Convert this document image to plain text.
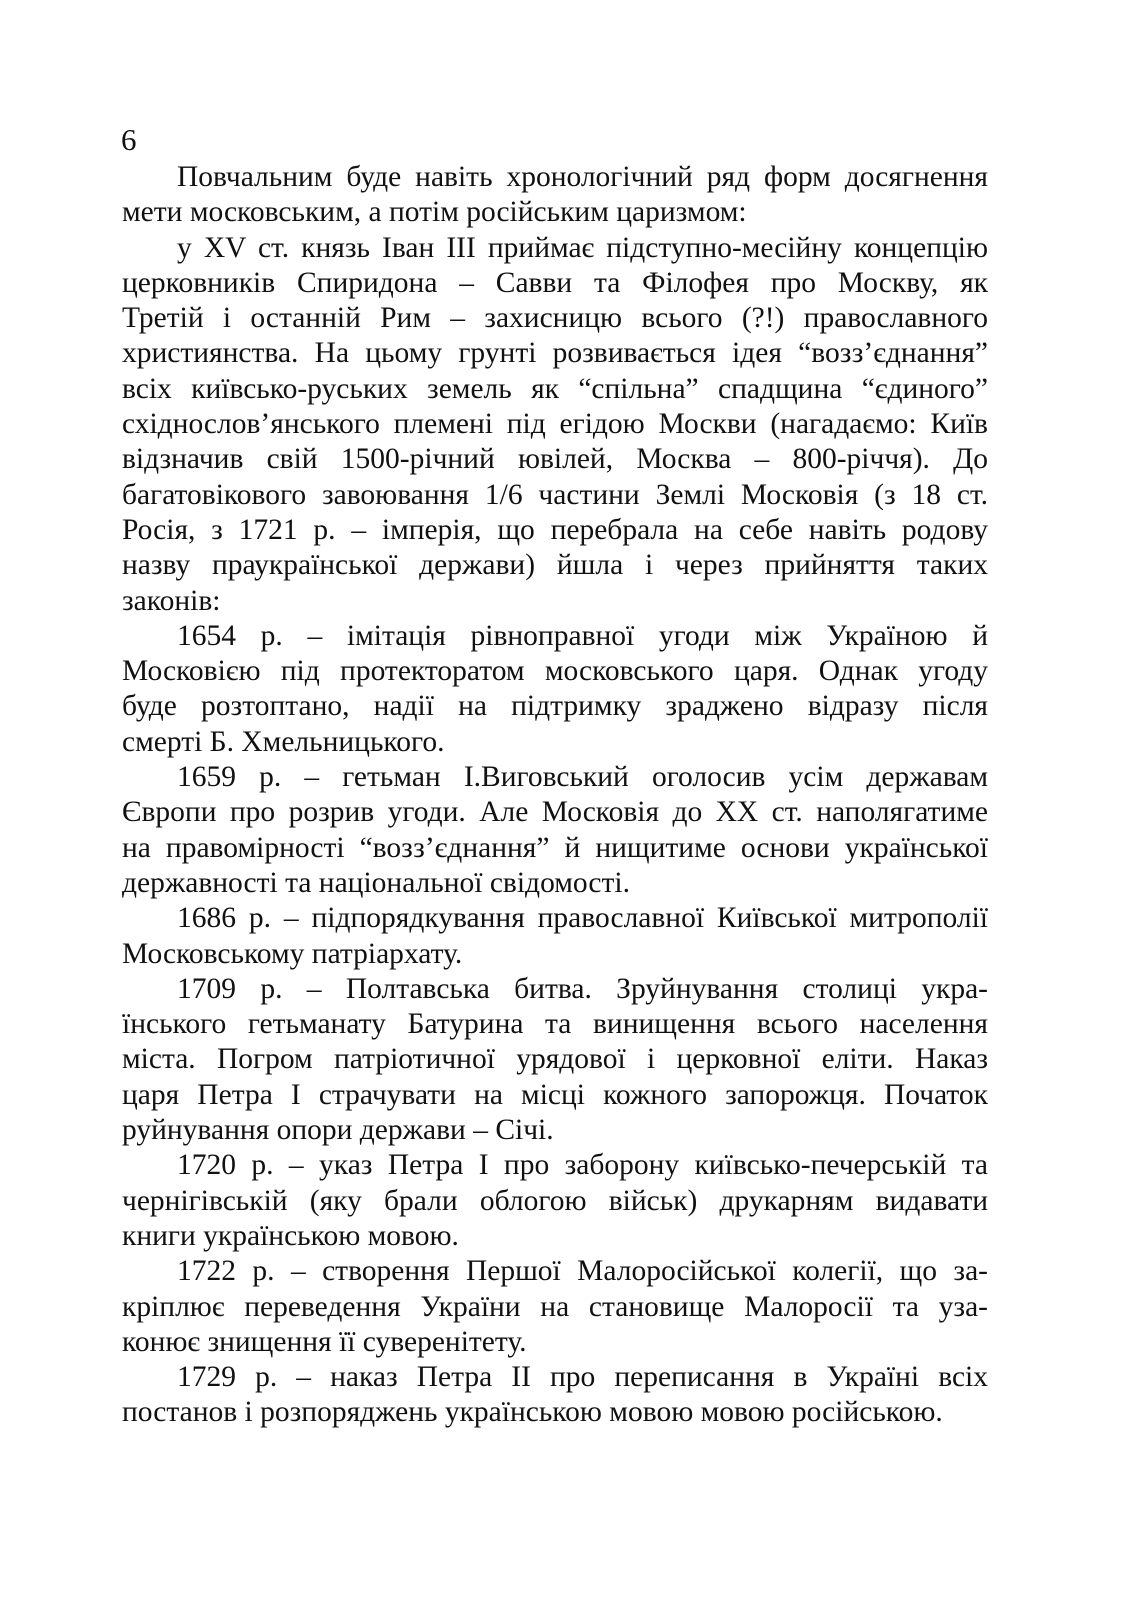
6
Повчальним буде навіть хронологічний ряд форм досягнення
мети московським, а потім російським царизмом:
у XV ст. князь Іван III приймає підступно-месійну концепцію
церковників Спиридона – Савви та Філофея про Москву, як
Третій і останній Рим – захисницю всього (?!) православного
християнства. На цьому грунті розвивається ідея “возз’єднання”
всіх київсько-руських земель як “спільна” спадщина “єдиного”
східнослов’янського племені під егідою Москви (нагадаємо: Київ
відзначив свій 1500-річний ювілей, Москва – 800-річчя). До
багатовікового завоювання 1/6 частини Землі Московія (з 18 ст.
Росія, з 1721 р. – імперія, що перебрала на себе навіть родову
назву праукраїнської держави) йшла і через прийняття таких
законів:
1654 р. – імітація рівноправної угоди між Україною й
Московією під протекторатом московського царя. Однак угоду
буде розтоптано, надії на підтримку зраджено відразу після
смерті Б. Хмельницького.
1659 р. – гетьман І.Виговський оголосив усім державам
Європи про розрив угоди. Але Московія до XX ст. наполягатиме
на правомірності “возз’єднання” й нищитиме основи української
державності та національної свідомості.
1686 р. – підпорядкування православної Київської митрополії
Московському патріархату.
1709 р. – Полтавська битва. Зруйнування столиці укра-
їнського гетьманату Батурина та винищення всього населення
міста. Погром патріотичної урядової і церковної еліти. Наказ
царя Петра І страчувати на місці кожного запорожця. Початок
руйнування опори держави – Січі.
1720 р. – указ Петра І про заборону київсько-печерській та
чернігівській (яку брали облогою військ) друкарням видавати
книги українською мовою.
1722 р. – створення Першої Малоросійської колегії, що за-
кріплює переведення України на становище Малоросії та уза-
конює знищення її суверенітету.
1729 р. – наказ Петра ІІ про переписання в Україні всіх
постанов і розпоряджень українською мовою мовою російською.
